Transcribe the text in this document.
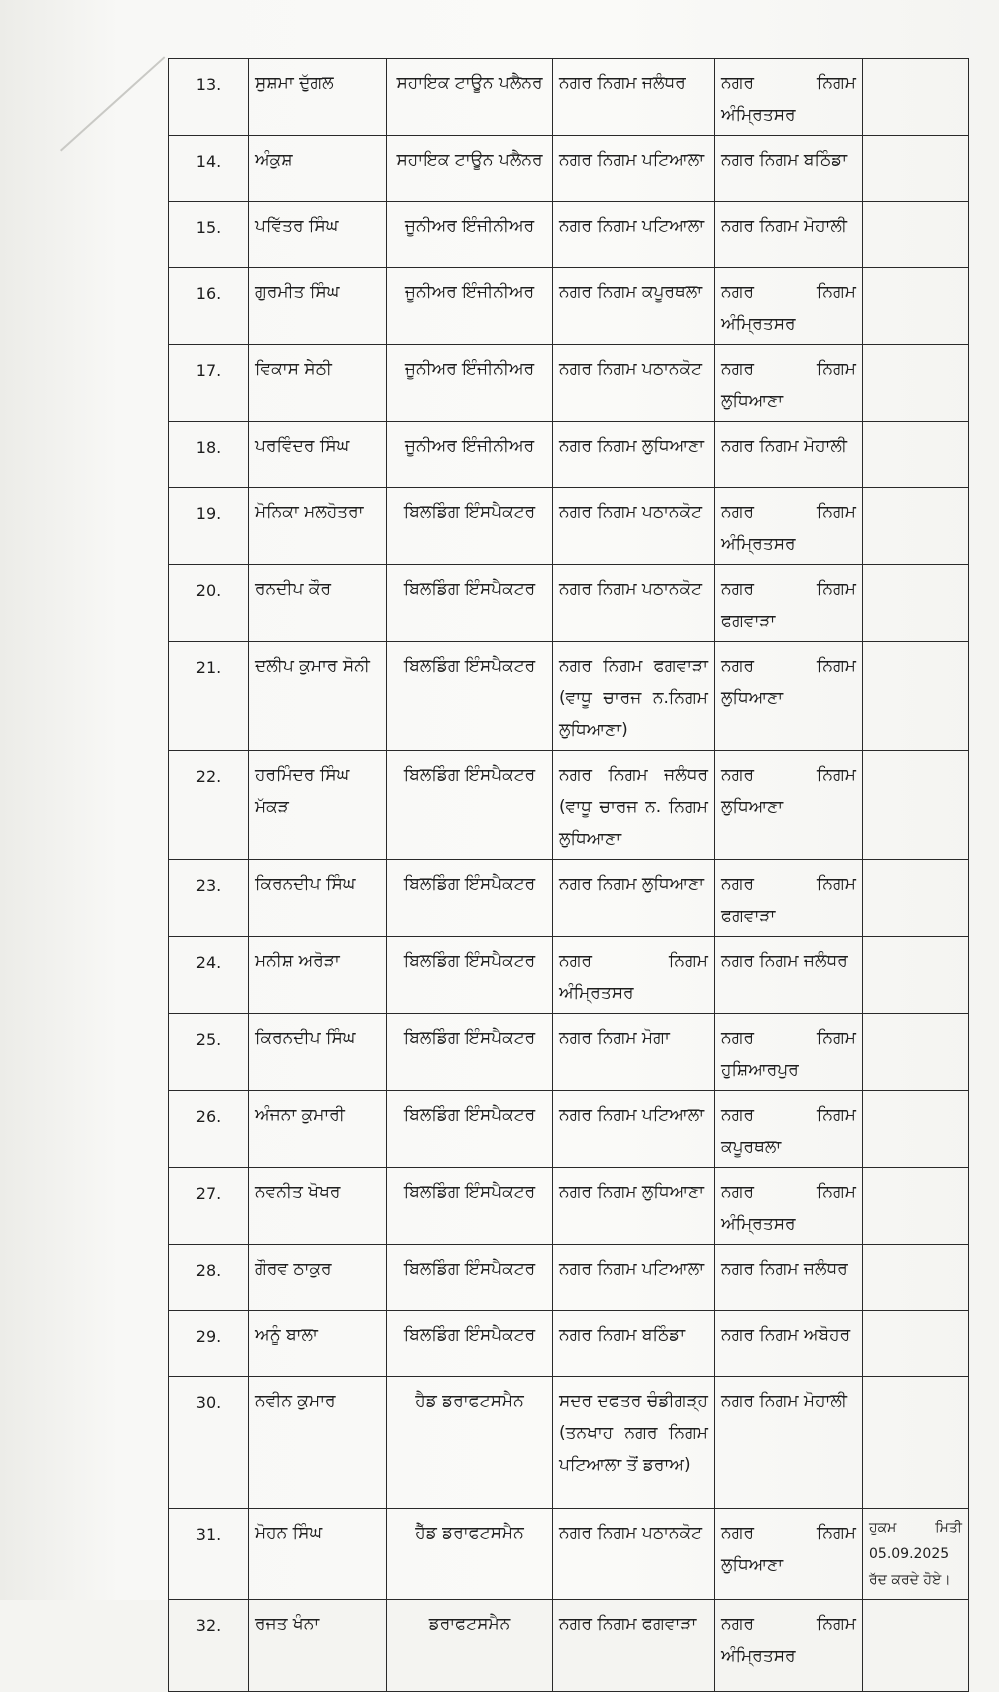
13.	ਸੁਸ਼ਮਾ ਦੁੱਗਲ	ਸਹਾਇਕ ਟਾਊਨ ਪਲੈਨਰ	ਨਗਰ ਨਿਗਮ ਜਲੰਧਰ	ਨਗਰ ਨਿਗਮ ਅੰਮ੍ਰਿਤਸਰ	
14.	ਅੰਕੁਸ਼	ਸਹਾਇਕ ਟਾਊਨ ਪਲੈਨਰ	ਨਗਰ ਨਿਗਮ ਪਟਿਆਲਾ	ਨਗਰ ਨਿਗਮ ਬਠਿੰਡਾ	
15.	ਪਵਿੱਤਰ ਸਿੰਘ	ਜੂਨੀਅਰ ਇੰਜੀਨੀਅਰ	ਨਗਰ ਨਿਗਮ ਪਟਿਆਲਾ	ਨਗਰ ਨਿਗਮ ਮੋਹਾਲੀ	
16.	ਗੁਰਮੀਤ ਸਿੰਘ	ਜੂਨੀਅਰ ਇੰਜੀਨੀਅਰ	ਨਗਰ ਨਿਗਮ ਕਪੂਰਥਲਾ	ਨਗਰ ਨਿਗਮ ਅੰਮ੍ਰਿਤਸਰ	
17.	ਵਿਕਾਸ ਸੇਠੀ	ਜੂਨੀਅਰ ਇੰਜੀਨੀਅਰ	ਨਗਰ ਨਿਗਮ ਪਠਾਨਕੋਟ	ਨਗਰ ਨਿਗਮ ਲੁਧਿਆਣਾ	
18.	ਪਰਵਿੰਦਰ ਸਿੰਘ	ਜੂਨੀਅਰ ਇੰਜੀਨੀਅਰ	ਨਗਰ ਨਿਗਮ ਲੁਧਿਆਣਾ	ਨਗਰ ਨਿਗਮ ਮੋਹਾਲੀ	
19.	ਮੋਨਿਕਾ ਮਲਹੋਤਰਾ	ਬਿਲਡਿੰਗ ਇੰਸਪੈਕਟਰ	ਨਗਰ ਨਿਗਮ ਪਠਾਨਕੋਟ	ਨਗਰ ਨਿਗਮ ਅੰਮ੍ਰਿਤਸਰ	
20.	ਰਨਦੀਪ ਕੌਰ	ਬਿਲਡਿੰਗ ਇੰਸਪੈਕਟਰ	ਨਗਰ ਨਿਗਮ ਪਠਾਨਕੋਟ	ਨਗਰ ਨਿਗਮ ਫਗਵਾੜਾ	
21.	ਦਲੀਪ ਕੁਮਾਰ ਸੋਨੀ	ਬਿਲਡਿੰਗ ਇੰਸਪੈਕਟਰ	ਨਗਰ ਨਿਗਮ ਫਗਵਾੜਾ (ਵਾਧੂ ਚਾਰਜ ਨ.ਨਿਗਮ ਲੁਧਿਆਣਾ)	ਨਗਰ ਨਿਗਮ ਲੁਧਿਆਣਾ	
22.	ਹਰਮਿੰਦਰ ਸਿੰਘ ਮੱਕੜ	ਬਿਲਡਿੰਗ ਇੰਸਪੈਕਟਰ	ਨਗਰ ਨਿਗਮ ਜਲੰਧਰ (ਵਾਧੂ ਚਾਰਜ ਨ. ਨਿਗਮ ਲੁਧਿਆਣਾ	ਨਗਰ ਨਿਗਮ ਲੁਧਿਆਣਾ	
23.	ਕਿਰਨਦੀਪ ਸਿੰਘ	ਬਿਲਡਿੰਗ ਇੰਸਪੈਕਟਰ	ਨਗਰ ਨਿਗਮ ਲੁਧਿਆਣਾ	ਨਗਰ ਨਿਗਮ ਫਗਵਾੜਾ	
24.	ਮਨੀਸ਼ ਅਰੋੜਾ	ਬਿਲਡਿੰਗ ਇੰਸਪੈਕਟਰ	ਨਗਰ ਨਿਗਮ ਅੰਮ੍ਰਿਤਸਰ	ਨਗਰ ਨਿਗਮ ਜਲੰਧਰ	
25.	ਕਿਰਨਦੀਪ ਸਿੰਘ	ਬਿਲਡਿੰਗ ਇੰਸਪੈਕਟਰ	ਨਗਰ ਨਿਗਮ ਮੋਗਾ	ਨਗਰ ਨਿਗਮ ਹੁਸ਼ਿਆਰਪੁਰ	
26.	ਅੰਜਨਾ ਕੁਮਾਰੀ	ਬਿਲਡਿੰਗ ਇੰਸਪੈਕਟਰ	ਨਗਰ ਨਿਗਮ ਪਟਿਆਲਾ	ਨਗਰ ਨਿਗਮ ਕਪੂਰਥਲਾ	
27.	ਨਵਨੀਤ ਖੋਖਰ	ਬਿਲਡਿੰਗ ਇੰਸਪੈਕਟਰ	ਨਗਰ ਨਿਗਮ ਲੁਧਿਆਣਾ	ਨਗਰ ਨਿਗਮ ਅੰਮ੍ਰਿਤਸਰ	
28.	ਗੌਰਵ ਠਾਕੁਰ	ਬਿਲਡਿੰਗ ਇੰਸਪੈਕਟਰ	ਨਗਰ ਨਿਗਮ ਪਟਿਆਲਾ	ਨਗਰ ਨਿਗਮ ਜਲੰਧਰ	
29.	ਅਨੂੰ ਬਾਲਾ	ਬਿਲਡਿੰਗ ਇੰਸਪੈਕਟਰ	ਨਗਰ ਨਿਗਮ ਬਠਿੰਡਾ	ਨਗਰ ਨਿਗਮ ਅਬੋਹਰ	
30.	ਨਵੀਨ ਕੁਮਾਰ	ਹੈਡ ਡਰਾਫਟਸਮੈਨ	ਸਦਰ ਦਫਤਰ ਚੰਡੀਗੜ੍ਹ (ਤਨਖਾਹ ਨਗਰ ਨਿਗਮ ਪਟਿਆਲਾ ਤੋਂ ਡਰਾਅ)	ਨਗਰ ਨਿਗਮ ਮੋਹਾਲੀ	
31.	ਮੋਹਨ ਸਿੰਘ	ਹੈੱਡ ਡਰਾਫਟਸਮੈਨ	ਨਗਰ ਨਿਗਮ ਪਠਾਨਕੋਟ	ਨਗਰ ਨਿਗਮ ਲੁਧਿਆਣਾ	ਹੁਕਮ ਮਿਤੀ 05.09.2025 ਰੱਦ ਕਰਦੇ ਹੋਏ।
32.	ਰਜਤ ਖੰਨਾ	ਡਰਾਫਟਸਮੈਨ	ਨਗਰ ਨਿਗਮ ਫਗਵਾੜਾ	ਨਗਰ ਨਿਗਮ ਅੰਮ੍ਰਿਤਸਰ	
